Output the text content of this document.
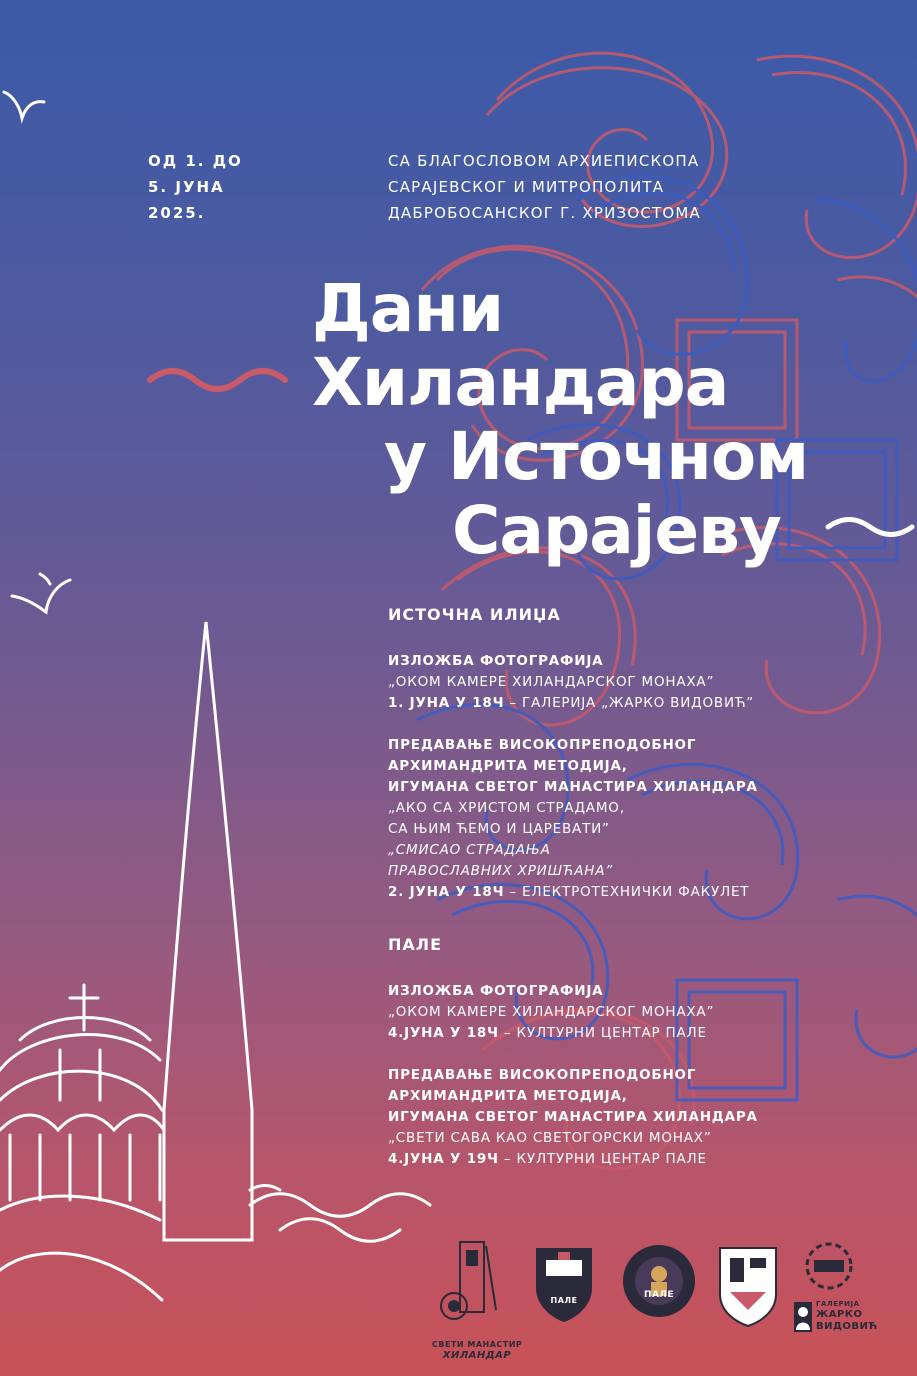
ОД 1. ДО
5. ЈУНА
2025.
СА БЛАГОСЛОВОМ АРХИЕПИСКОПА
САРАЈЕВСКОГ И МИТРОПОЛИТА
ДАБРОБОСАНСКОГ Г. ХРИЗОСТОМА
Дани
Хиландара
у Источном
Сарајеву
ИСТОЧНА ИЛИЏА
ИЗЛОЖБА ФОТОГРАФИЈА
„ОКОМ КАМЕРЕ ХИЛАНДАРСКОГ МОНАХА”
1. ЈУНА У 18Ч – ГАЛЕРИЈА „ЖАРКО ВИДОВИЋ”
ПРЕДАВАЊЕ ВИСОКОПРЕПОДОБНОГ
АРХИМАНДРИТА МЕТОДИЈА,
ИГУМАНА СВЕТОГ МАНАСТИРА ХИЛАНДАРА
„АКО СА ХРИСТОМ СТРАДАМО,
СА ЊИМ ЋЕМО И ЦАРЕВАТИ”
„СМИСАО СТРАДАЊА
ПРАВОСЛАВНИХ ХРИШЋАНА”
2. ЈУНА У 18Ч – ЕЛЕКТРОТЕХНИЧКИ ФАКУЛЕТ
ПАЛЕ
ИЗЛОЖБА ФОТОГРАФИЈА
„ОКОМ КАМЕРЕ ХИЛАНДАРСКОГ МОНАХА”
4.ЈУНА У 18Ч – КУЛТУРНИ ЦЕНТАР ПАЛЕ
ПРЕДАВАЊЕ ВИСОКОПРЕПОДОБНОГ
АРХИМАНДРИТА МЕТОДИЈА,
ИГУМАНА СВЕТОГ МАНАСТИРА ХИЛАНДАРА
„СВЕТИ САВА КАО СВЕТОГОРСКИ МОНАХ”
4.ЈУНА У 19Ч – КУЛТУРНИ ЦЕНТАР ПАЛЕ
СВЕТИ МАНАСТИР
ХИЛАНДАР
ПАЛЕ
ПАЛЕ
ГАЛЕРИЈА
ЖАРКО
ВИДОВИЋ
